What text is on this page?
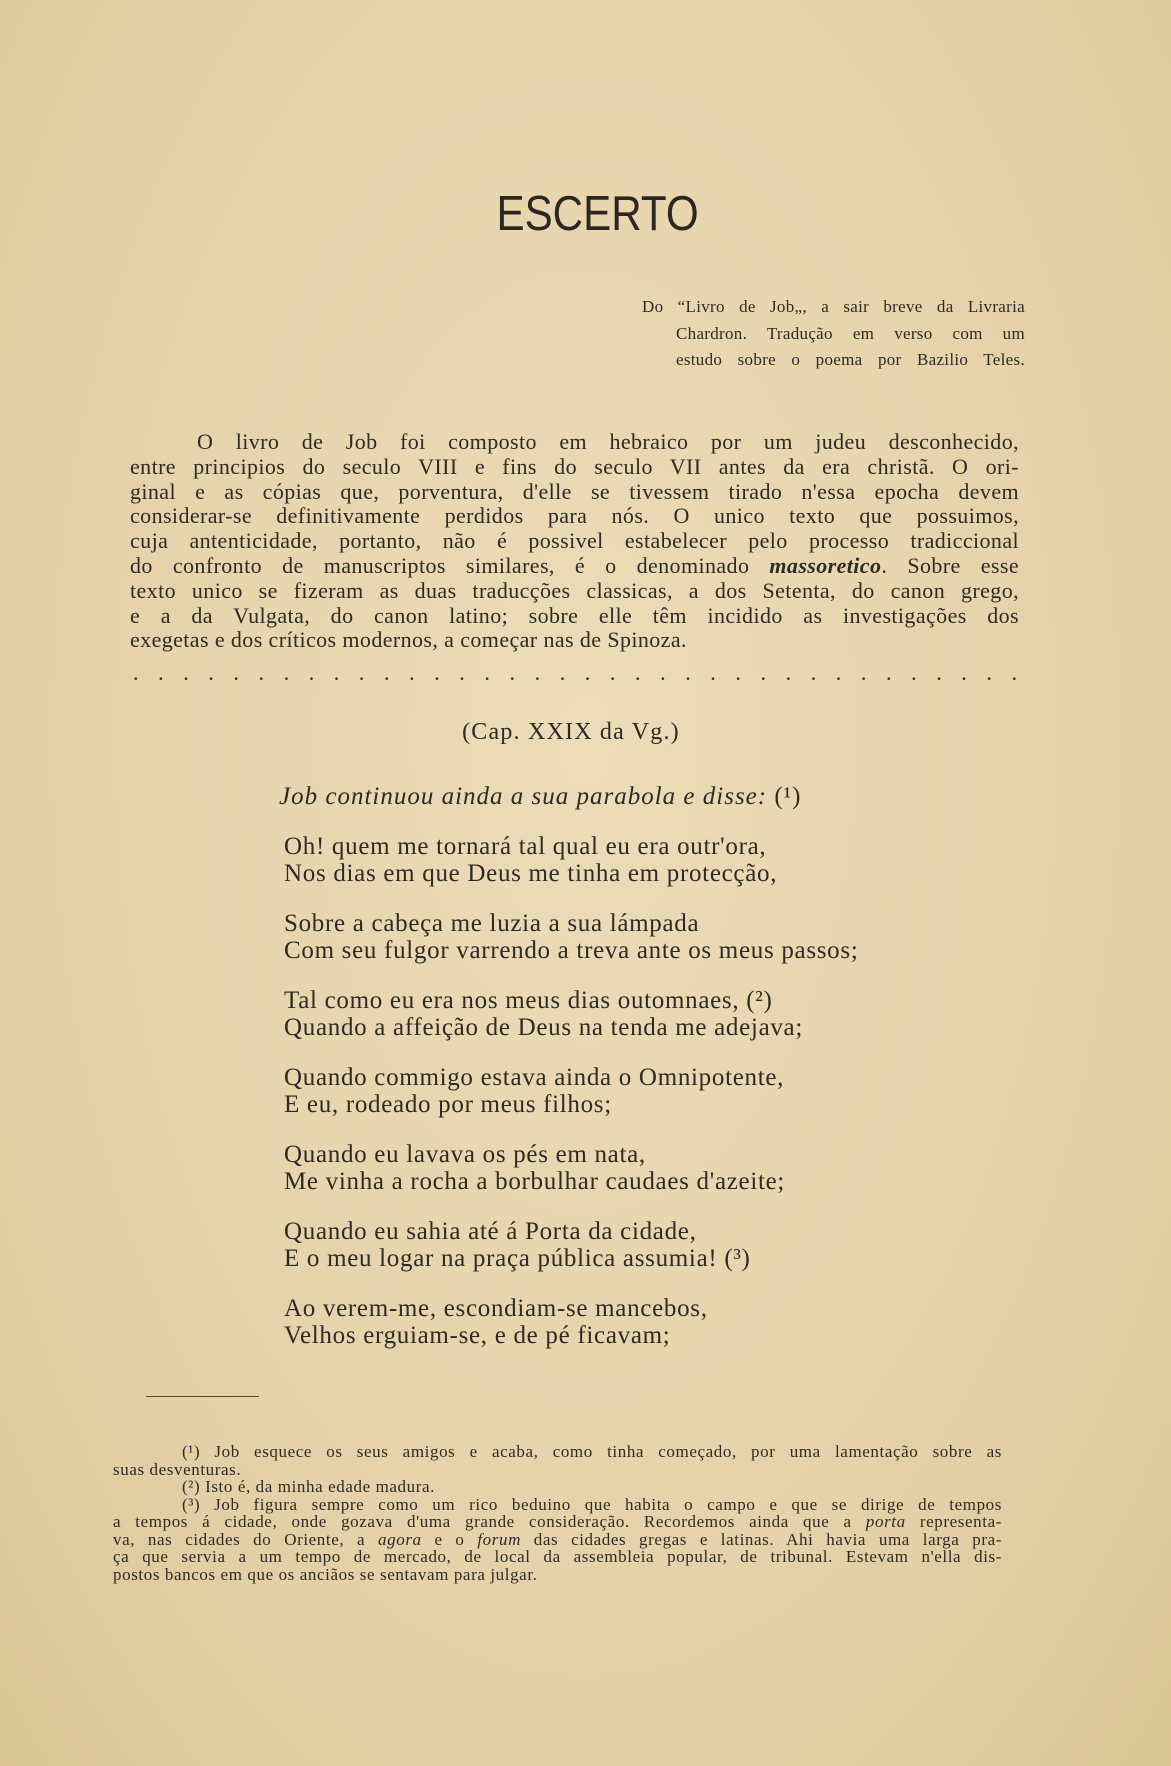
ESCERTO
Do “Livro de Job„, a sair breve da Livraria
Chardron. Tradução em verso com um
estudo sobre o poema por Bazilio Teles.
O livro de Job foi composto em hebraico por um judeu desconhecido,
entre principios do seculo VIII e fins do seculo VII antes da era christã. O ori-
ginal e as cópias que, porventura, d'elle se tivessem tirado n'essa epocha devem
considerar-se definitivamente perdidos para nós. O unico texto que possuimos,
cuja antenticidade, portanto, não é possivel estabelecer pelo processo tradiccional
do confronto de manuscriptos similares, é o denominado massoretico. Sobre esse
texto unico se fizeram as duas traducções classicas, a dos Setenta, do canon grego,
e a da Vulgata, do canon latino; sobre elle têm incidido as investigações dos
exegetas e dos críticos modernos, a começar nas de Spinoza.
. . . . . . . . . . . . . . . . . . . . . . . . . . . . . . . . . . . .
(Cap. XXIX da Vg.)
Job continuou ainda a sua parabola e disse: (¹)
Oh! quem me tornará tal qual eu era outr'ora,
Nos dias em que Deus me tinha em protecção,
Sobre a cabeça me luzia a sua lámpada
Com seu fulgor varrendo a treva ante os meus passos;
Tal como eu era nos meus dias outomnaes, (²)
Quando a affeição de Deus na tenda me adejava;
Quando commigo estava ainda o Omnipotente,
E eu, rodeado por meus filhos;
Quando eu lavava os pés em nata,
Me vinha a rocha a borbulhar caudaes d'azeite;
Quando eu sahia até á Porta da cidade,
E o meu logar na praça pública assumia! (³)
Ao verem-me, escondiam-se mancebos,
Velhos erguiam-se, e de pé ficavam;
(¹) Job esquece os seus amigos e acaba, como tinha começado, por uma lamentação sobre as
suas desventuras.
(²) Isto é, da minha edade madura.
(³) Job figura sempre como um rico beduino que habita o campo e que se dirige de tempos
a tempos á cidade, onde gozava d'uma grande consideração. Recordemos ainda que a porta representa-
va, nas cidades do Oriente, a agora e o forum das cidades gregas e latinas. Ahi havia uma larga pra-
ça que servia a um tempo de mercado, de local da assembleia popular, de tribunal. Estevam n'ella dis-
postos bancos em que os anciãos se sentavam para julgar.
